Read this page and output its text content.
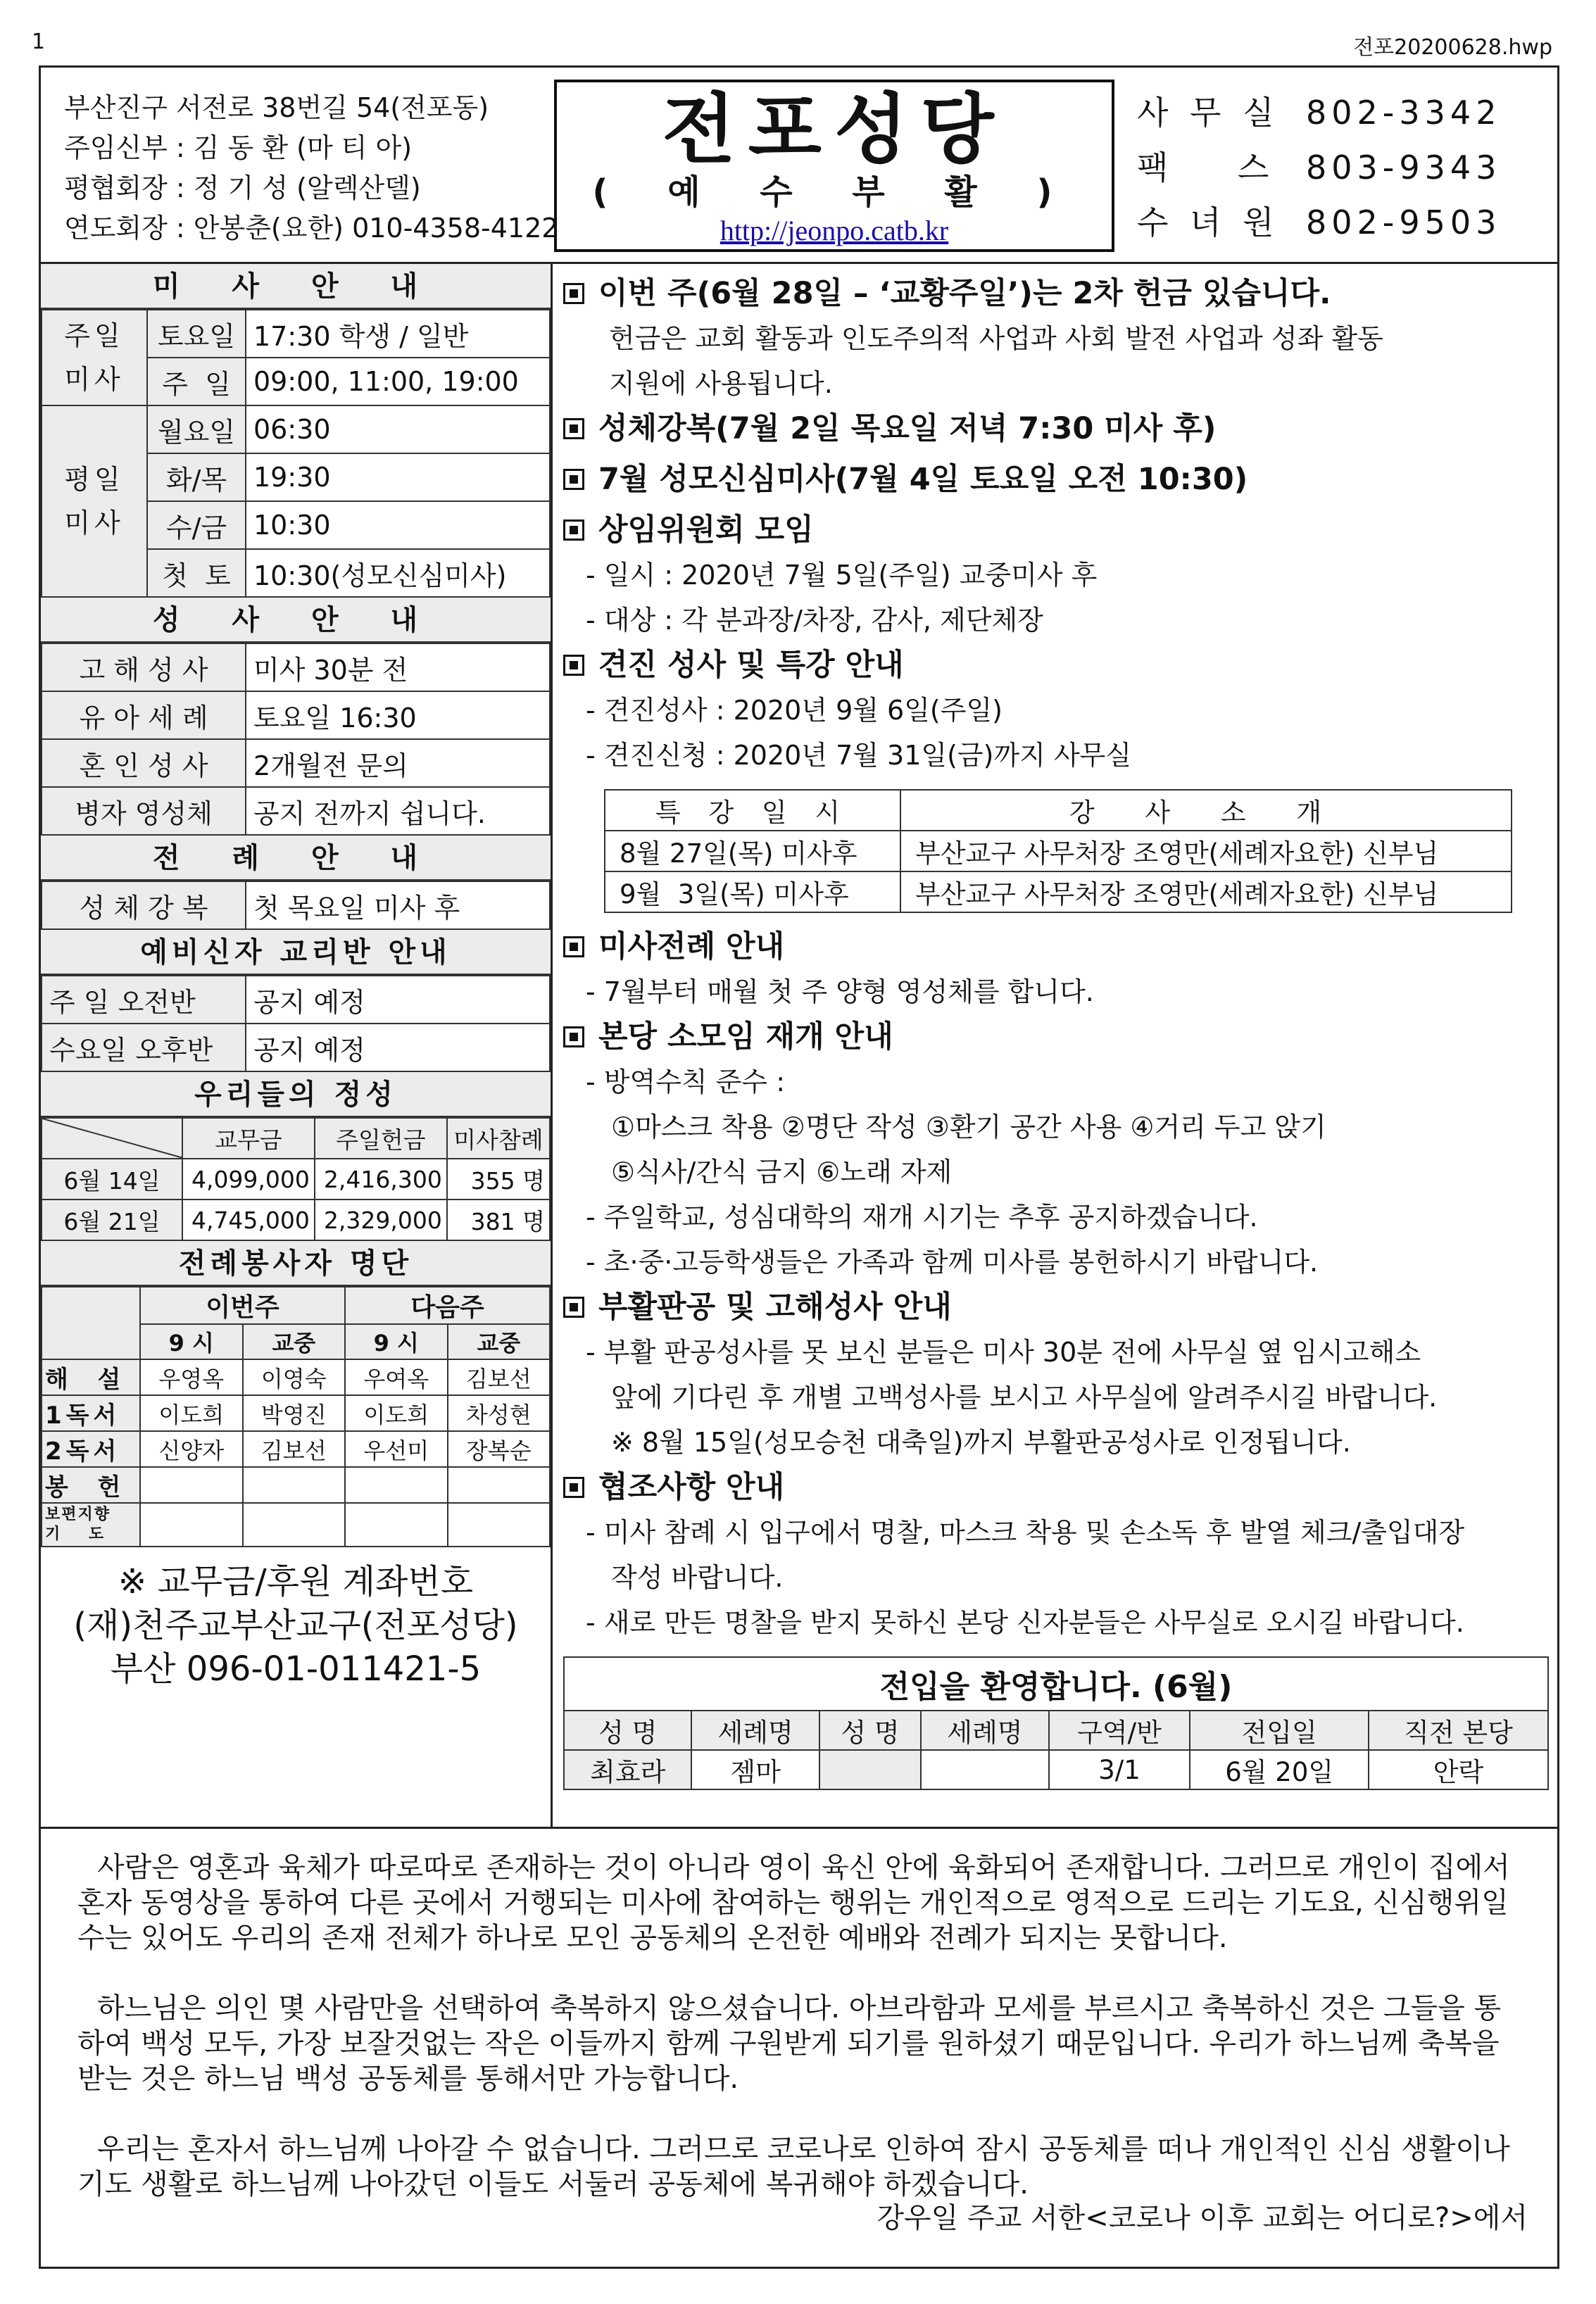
1	전포20200628.hwp
부산진구 서전로 38번길 54(전포동)
주임신부 : 김 동 환 (마 티 아)
평협회장 : 정 기 성 (알렉산델)
연도회장 : 안봉춘(요한) 010-4358-4122
전포성당
( 예 수 부 활 )
http://jeonpo.catb.kr
사 무 실 802-3342
팩    스 803-9343
수 녀 원 802-9503
미 사 안 내
주일
미사	토요일	17:30 학생 / 일반
	주  일	09:00, 11:00, 19:00
평일
미사	월요일	06:30
	화/목	19:30
	수/금	10:30
	첫  토	10:30(성모신심미사)
성 사 안 내
고 해 성 사	미사 30분 전
유 아 세 례	토요일 16:30
혼 인 성 사	2개월전 문의
병자 영성체	공지 전까지 쉽니다.
전 례 안 내
성 체 강 복	첫 목요일 미사 후
예비신자 교리반 안내
주 일 오전반	공지 예정
수요일 오후반	공지 예정
우리들의 정성
	교무금	주일헌금	미사참례
6월 14일	4,099,000	2,416,300	355 명
6월 21일	4,745,000	2,329,000	381 명
전례봉사자 명단
	이번주		다음주	
	9 시	교중	9 시	교중
해  설	우영옥	이영숙	우여옥	김보선
1독서	이도희	박영진	이도희	차성현
2독서	신양자	김보선	우선미	장복순
봉  헌				
보편지향
기    도				
※ 교무금/후원 계좌번호
(재)천주교부산교구(전포성당)
부산 096-01-011421-5
이번 주(6월 28일 – ‘교황주일’)는 2차 헌금 있습니다.
헌금은 교회 활동과 인도주의적 사업과 사회 발전 사업과 성좌 활동
지원에 사용됩니다.
성체강복(7월 2일 목요일 저녁 7:30 미사 후)
7월 성모신심미사(7월 4일 토요일 오전 10:30)
상임위원회 모임
- 일시 : 2020년 7월 5일(주일) 교중미사 후
- 대상 : 각 분과장/차장, 감사, 제단체장
견진 성사 및 특강 안내
- 견진성사 : 2020년 9월 6일(주일)
- 견진신청 : 2020년 7월 31일(금)까지 사무실
특 강 일 시	강 사 소 개
8월 27일(목) 미사후	부산교구 사무처장 조영만(세례자요한) 신부님
9월  3일(목) 미사후	부산교구 사무처장 조영만(세례자요한) 신부님
미사전례 안내
- 7월부터 매월 첫 주 양형 영성체를 합니다.
본당 소모임 재개 안내
- 방역수칙 준수 :
①마스크 착용 ②명단 작성 ③환기 공간 사용 ④거리 두고 앉기
⑤식사/간식 금지 ⑥노래 자제
- 주일학교, 성심대학의 재개 시기는 추후 공지하겠습니다.
- 초·중·고등학생들은 가족과 함께 미사를 봉헌하시기 바랍니다.
부활판공 및 고해성사 안내
- 부활 판공성사를 못 보신 분들은 미사 30분 전에 사무실 옆 임시고해소
앞에 기다린 후 개별 고백성사를 보시고 사무실에 알려주시길 바랍니다.
※ 8월 15일(성모승천 대축일)까지 부활판공성사로 인정됩니다.
협조사항 안내
- 미사 참례 시 입구에서 명찰, 마스크 착용 및 손소독 후 발열 체크/출입대장
작성 바랍니다.
- 새로 만든 명찰을 받지 못하신 본당 신자분들은 사무실로 오시길 바랍니다.
전입을 환영합니다. (6월)						
성 명	세례명	성 명	세례명	구역/반	전입일	직전 본당
최효라	젬마			3/1	6월 20일	안락

사람은 영혼과 육체가 따로따로 존재하는 것이 아니라 영이 육신 안에 육화되어 존재합니다. 그러므로 개인이 집에서 혼자 동영상을 통하여 다른 곳에서 거행되는 미사에 참여하는 행위는 개인적으로 영적으로 드리는 기도요, 신심행위일수는 있어도 우리의 존재 전체가 하나로 모인 공동체의 온전한 예배와 전례가 되지는 못합니다.

하느님은 의인 몇 사람만을 선택하여 축복하지 않으셨습니다. 아브라함과 모세를 부르시고 축복하신 것은 그들을 통하여 백성 모두, 가장 보잘것없는 작은 이들까지 함께 구원받게 되기를 원하셨기 때문입니다. 우리가 하느님께 축복을 받는 것은 하느님 백성 공동체를 통해서만 가능합니다.

우리는 혼자서 하느님께 나아갈 수 없습니다. 그러므로 코로나로 인하여 잠시 공동체를 떠나 개인적인 신심 생활이나 기도 생활로 하느님께 나아갔던 이들도 서둘러 공동체에 복귀해야 하겠습니다.

강우일 주교 서한<코로나 이후 교회는 어디로?>에서
